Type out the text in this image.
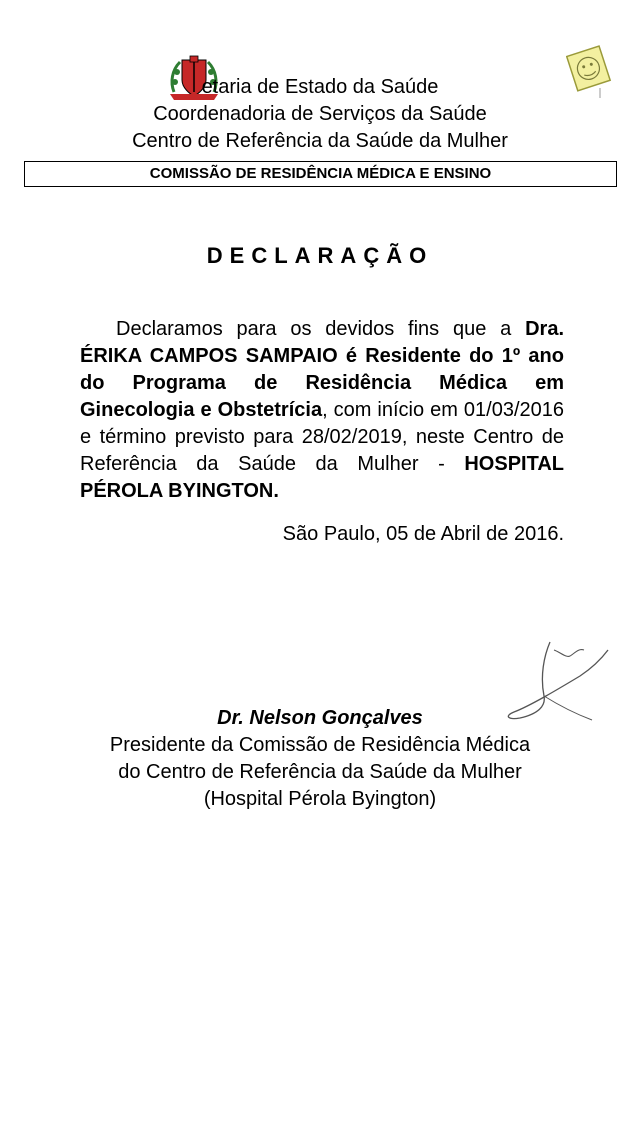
etaria de Estado da Saúde
Coordenadoria de Serviços da Saúde
Centro de Referência da Saúde da Mulher
COMISSÃO DE RESIDÊNCIA MÉDICA E ENSINO
DECLARAÇÃO
Declaramos para os devidos fins que a Dra. ÉRIKA CAMPOS SAMPAIO é Residente do 1º ano do Programa de Residência Médica em Ginecologia e Obstetrícia, com início em 01/03/2016 e término previsto para 28/02/2019, neste Centro de Referência da Saúde da Mulher - HOSPITAL PÉROLA BYINGTON.
São Paulo, 05 de Abril de 2016.
Dr. Nelson Gonçalves
Presidente da Comissão de Residência Médica
do Centro de Referência da Saúde da Mulher
(Hospital Pérola Byington)
